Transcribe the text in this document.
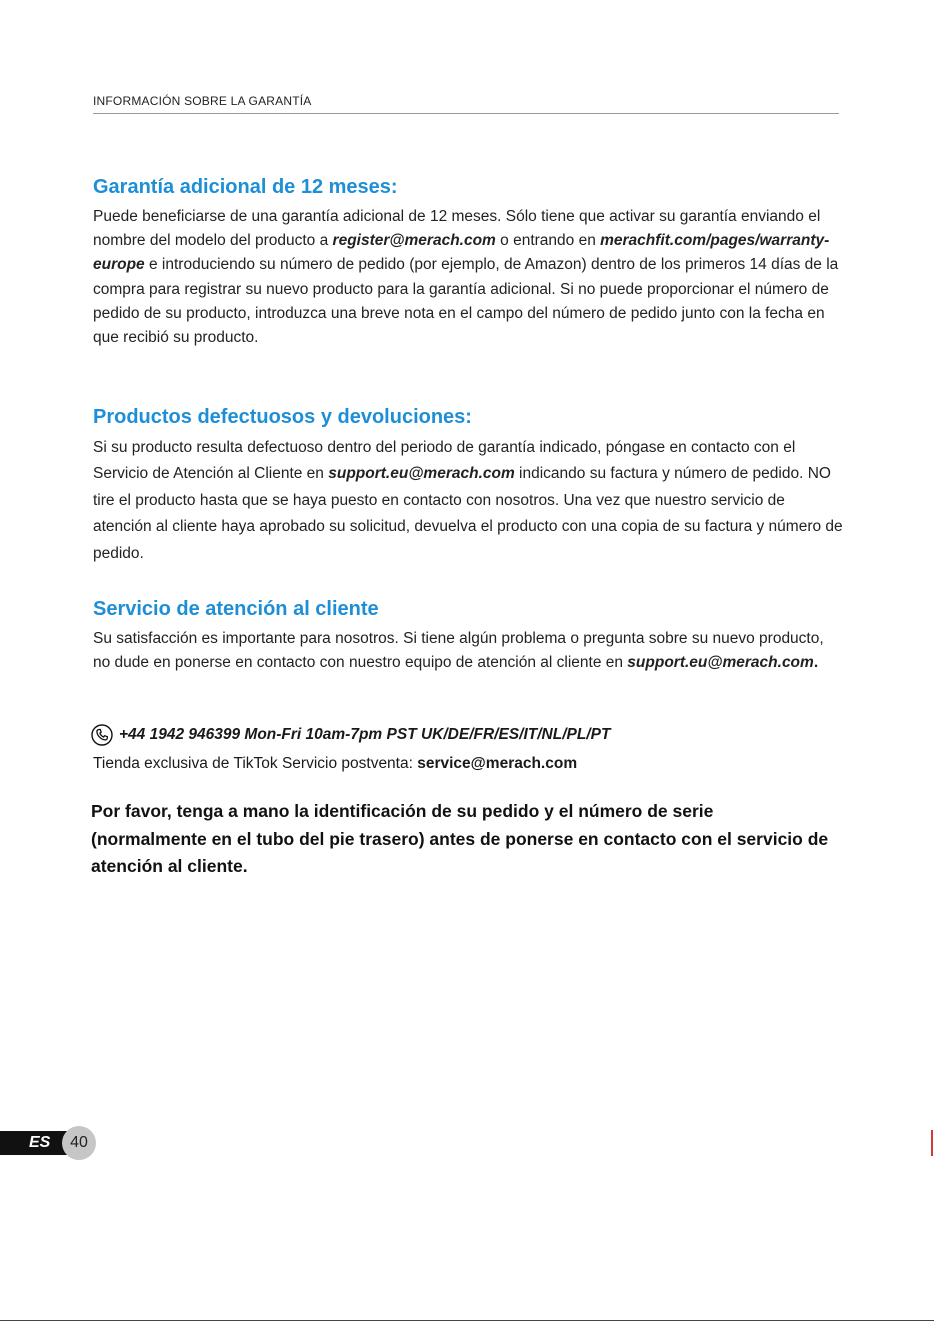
INFORMACIÓN SOBRE LA GARANTÍA
Garantía adicional de 12 meses:

Puede beneficiarse de una garantía adicional de 12 meses. Sólo tiene que activar su garantía enviando el nombre del modelo del producto a register@merach.com o entrando en merachfit.com/pages/warranty-europe e introduciendo su número de pedido (por ejemplo, de Amazon) dentro de los primeros 14 días de la compra para registrar su nuevo producto para la garantía adicional. Si no puede proporcionar el número de pedido de su producto, introduzca una breve nota en el campo del número de pedido junto con la fecha en que recibió su producto.

Productos defectuosos y devoluciones:

Si su producto resulta defectuoso dentro del periodo de garantía indicado, póngase en contacto con el Servicio de Atención al Cliente en support.eu@merach.com indicando su factura y número de pedido. NO tire el producto hasta que se haya puesto en contacto con nosotros. Una vez que nuestro servicio de atención al cliente haya aprobado su solicitud, devuelva el producto con una copia de su factura y número de pedido.

Servicio de atención al cliente

Su satisfacción es importante para nosotros. Si tiene algún problema o pregunta sobre su nuevo producto, no dude en ponerse en contacto con nuestro equipo de atención al cliente en support.eu@merach.com.

+44 1942 946399 Mon-Fri 10am-7pm PST UK/DE/FR/ES/IT/NL/PL/PT
Tienda exclusiva de TikTok Servicio postventa: service@merach.com
Por favor, tenga a mano la identificación de su pedido y el número de serie (normalmente en el tubo del pie trasero) antes de ponerse en contacto con el servicio de atención al cliente.
ES	40
